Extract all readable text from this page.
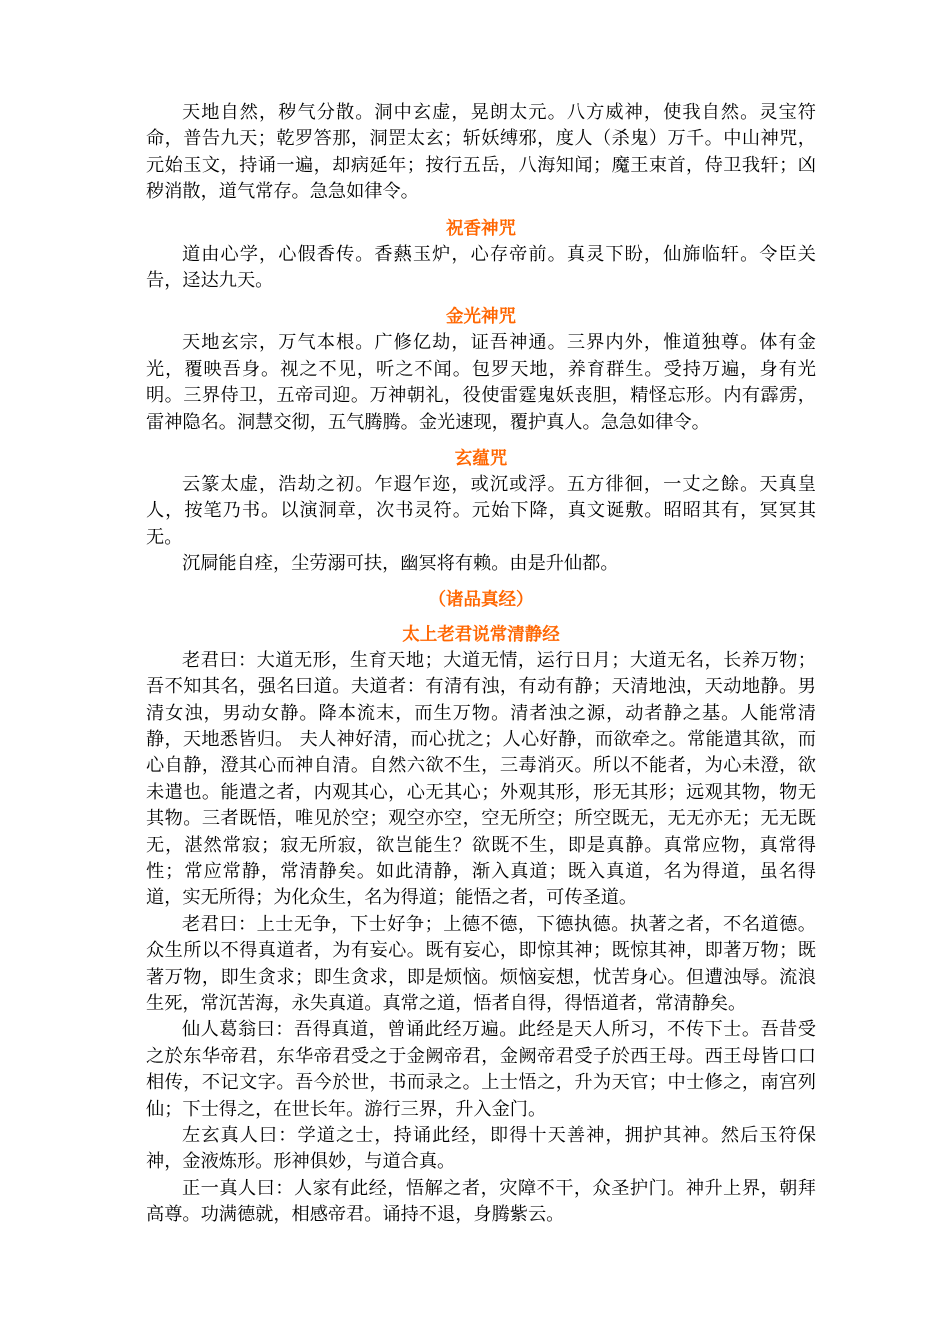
天地自然，秽气分散。洞中玄虚，晃朗太元。八方威神，使我自然。灵宝符命，普告九天；乾罗答那，洞罡太玄；斩妖缚邪，度人（杀鬼）万千。中山神咒，元始玉文，持诵一遍，却病延年；按行五岳，八海知闻；魔王束首，侍卫我轩；凶秽消散，道气常存。急急如律令。

祝香神咒

道由心学，心假香传。香爇玉炉，心存帝前。真灵下盼，仙旆临轩。令臣关告，迳达九天。

金光神咒

天地玄宗，万气本根。广修亿劫，证吾神通。三界内外，惟道独尊。体有金光，覆映吾身。视之不见，听之不闻。包罗天地，养育群生。受持万遍，身有光明。三界侍卫，五帝司迎。万神朝礼，役使雷霆鬼妖丧胆，精怪忘形。内有霹雳，雷神隐名。洞慧交彻，五气腾腾。金光速现，覆护真人。急急如律令。

玄蕴咒

云篆太虚，浩劫之初。乍遐乍迩，或沉或浮。五方徘徊，一丈之餘。天真皇人，按笔乃书。以演洞章，次书灵符。元始下降，真文诞敷。昭昭其有，冥冥其无。

沉屙能自痊，尘劳溺可扶，幽冥将有赖。由是升仙都。

（诸品真经）

太上老君说常清静经

老君曰：大道无形，生育天地；大道无情，运行日月；大道无名，长养万物；吾不知其名，强名曰道。夫道者：有清有浊，有动有静；天清地浊，天动地静。男清女浊，男动女静。降本流末，而生万物。清者浊之源，动者静之基。人能常清静，天地悉皆归。 夫人神好清，而心扰之；人心好静，而欲牵之。常能遣其欲，而心自静，澄其心而神自清。自然六欲不生，三毒消灭。所以不能者，为心未澄，欲未遣也。能遣之者，内观其心，心无其心；外观其形，形无其形；远观其物，物无其物。三者既悟，唯见於空；观空亦空，空无所空；所空既无，无无亦无；无无既无，湛然常寂；寂无所寂，欲岂能生？欲既不生，即是真静。真常应物，真常得性；常应常静，常清静矣。如此清静，渐入真道；既入真道，名为得道，虽名得道，实无所得；为化众生，名为得道；能悟之者，可传圣道。

老君曰：上士无争，下士好争；上德不德，下德执德。执著之者，不名道德。众生所以不得真道者，为有妄心。既有妄心，即惊其神；既惊其神，即著万物；既著万物，即生贪求；即生贪求，即是烦恼。烦恼妄想，忧苦身心。但遭浊辱。流浪生死，常沉苦海，永失真道。真常之道，悟者自得，得悟道者，常清静矣。

仙人葛翁曰：吾得真道，曾诵此经万遍。此经是天人所习，不传下士。吾昔受之於东华帝君，东华帝君受之于金阙帝君，金阙帝君受子於西王母。西王母皆口口相传，不记文字。吾今於世，书而录之。上士悟之，升为天官；中士修之，南宫列仙；下士得之，在世长年。游行三界，升入金门。

左玄真人曰：学道之士，持诵此经，即得十天善神，拥护其神。然后玉符保神，金液炼形。形神俱妙，与道合真。

正一真人曰：人家有此经，悟解之者，灾障不干，众圣护门。神升上界，朝拜高尊。功满德就，相感帝君。诵持不退，身腾紫云。
